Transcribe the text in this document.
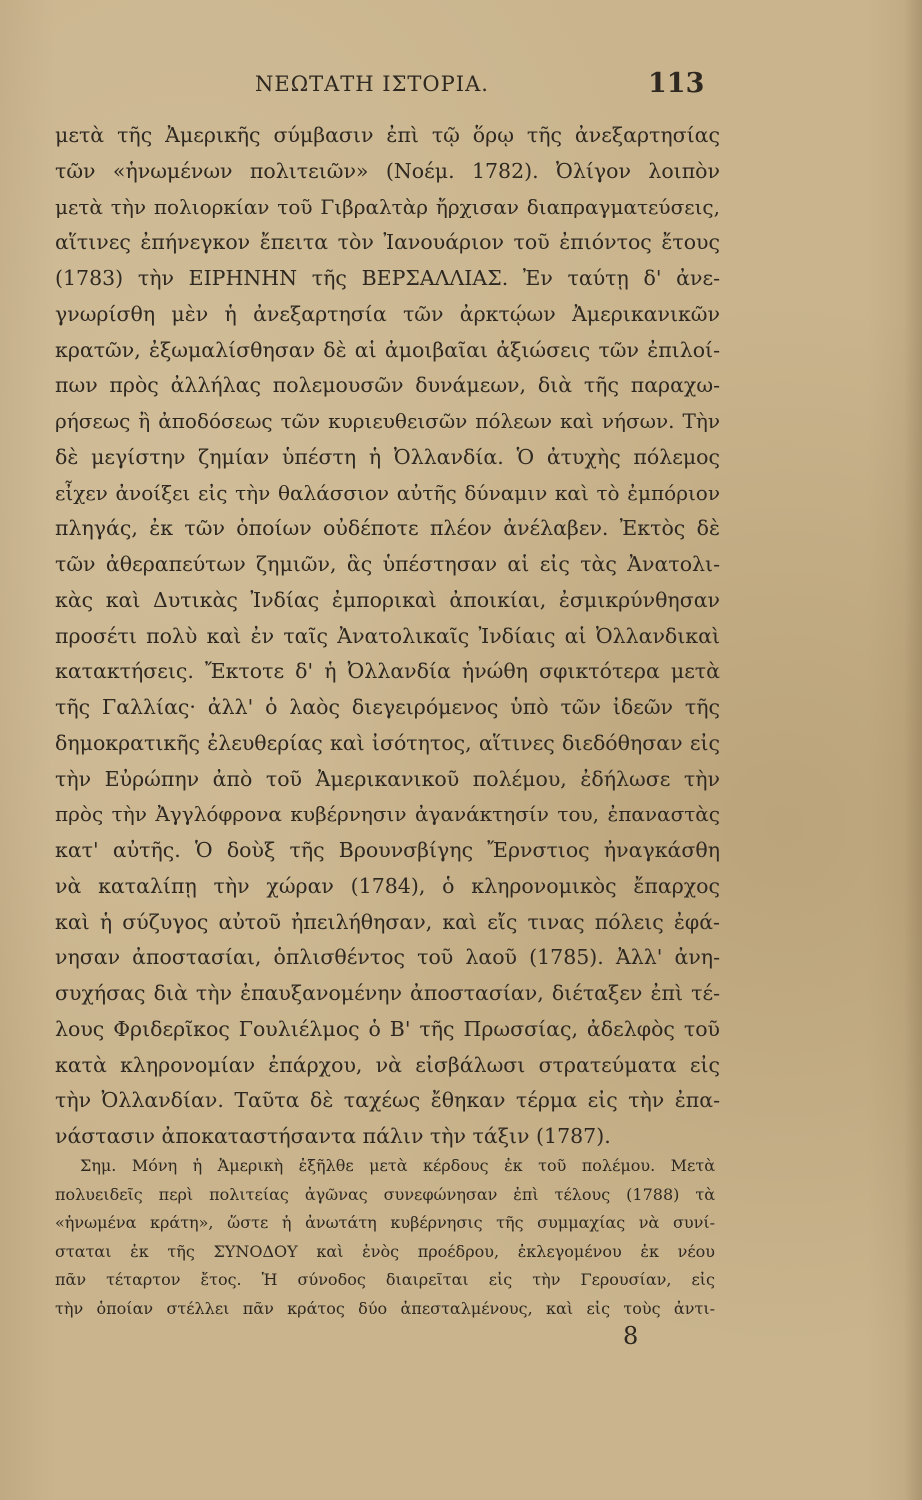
ΝΕΩΤΑΤΗ ΙΣΤΟΡΙΑ.	113
μετὰ τῆς Ἀμερικῆς σύμβασιν ἐπὶ τῷ ὅρῳ τῆς ἀνεξαρτησίας
τῶν «ἡνωμένων πολιτειῶν» (Νοέμ. 1782). Ὀλίγον λοιπὸν
μετὰ τὴν πολιορκίαν τοῦ Γιβραλτὰρ ἤρχισαν διαπραγματεύσεις,
αἵτινες ἐπήνεγκον ἔπειτα τὸν Ἰανουάριον τοῦ ἐπιόντος ἔτους
(1783) τὴν ΕΙΡΗΝΗΝ τῆς ΒΕΡΣΑΛΛΙΑΣ. Ἐν ταύτῃ δ' ἀνε-
γνωρίσθη μὲν ἡ ἀνεξαρτησία τῶν ἀρκτῴων Ἀμερικανικῶν
κρατῶν, ἐξωμαλίσθησαν δὲ αἱ ἀμοιβαῖαι ἀξιώσεις τῶν ἐπιλοί-
πων πρὸς ἀλλήλας πολεμουσῶν δυνάμεων, διὰ τῆς παραχω-
ρήσεως ἢ ἀποδόσεως τῶν κυριευθεισῶν πόλεων καὶ νήσων. Τὴν
δὲ μεγίστην ζημίαν ὑπέστη ἡ Ὀλλανδία. Ὁ ἀτυχὴς πόλεμος
εἶχεν ἀνοίξει εἰς τὴν θαλάσσιον αὐτῆς δύναμιν καὶ τὸ ἐμπόριον
πληγάς, ἐκ τῶν ὁποίων οὐδέποτε πλέον ἀνέλαβεν. Ἐκτὸς δὲ
τῶν ἀθεραπεύτων ζημιῶν, ἃς ὑπέστησαν αἱ εἰς τὰς Ἀνατολι-
κὰς καὶ Δυτικὰς Ἰνδίας ἐμπορικαὶ ἀποικίαι, ἐσμικρύνθησαν
προσέτι πολὺ καὶ ἐν ταῖς Ἀνατολικαῖς Ἰνδίαις αἱ Ὀλλανδικαὶ
κατακτήσεις. Ἔκτοτε δ' ἡ Ὀλλανδία ἡνώθη σφικτότερα μετὰ
τῆς Γαλλίας· ἀλλ' ὁ λαὸς διεγειρόμενος ὑπὸ τῶν ἰδεῶν τῆς
δημοκρατικῆς ἐλευθερίας καὶ ἰσότητος, αἵτινες διεδόθησαν εἰς
τὴν Εὐρώπην ἀπὸ τοῦ Ἀμερικανικοῦ πολέμου, ἐδήλωσε τὴν
πρὸς τὴν Ἀγγλόφρονα κυβέρνησιν ἀγανάκτησίν του, ἐπαναστὰς
κατ' αὐτῆς. Ὁ δοὺξ τῆς Βρουνσβίγης Ἔρνστιος ἠναγκάσθη
νὰ καταλίπῃ τὴν χώραν (1784), ὁ κληρονομικὸς ἔπαρχος
καὶ ἡ σύζυγος αὐτοῦ ἠπειλήθησαν, καὶ εἴς τινας πόλεις ἐφά-
νησαν ἀποστασίαι, ὁπλισθέντος τοῦ λαοῦ (1785). Ἀλλ' ἀνη-
συχήσας διὰ τὴν ἐπαυξανομένην ἀποστασίαν, διέταξεν ἐπὶ τέ-
λους Φριδερῖκος Γουλιέλμος ὁ Β' τῆς Πρωσσίας, ἀδελφὸς τοῦ
κατὰ κληρονομίαν ἐπάρχου, νὰ εἰσβάλωσι στρατεύματα εἰς
τὴν Ὀλλανδίαν. Ταῦτα δὲ ταχέως ἔθηκαν τέρμα εἰς τὴν ἐπα-
νάστασιν ἀποκαταστήσαντα πάλιν τὴν τάξιν (1787).
Σημ. Μόνη ἡ Ἀμερικὴ ἐξῆλθε μετὰ κέρδους ἐκ τοῦ πολέμου. Μετὰ
πολυειδεῖς περὶ πολιτείας ἀγῶνας συνεφώνησαν ἐπὶ τέλους (1788) τὰ
«ἡνωμένα κράτη», ὥστε ἡ ἀνωτάτη κυβέρνησις τῆς συμμαχίας νὰ συνί-
σταται ἐκ τῆς ΣΥΝΟΔΟΥ καὶ ἑνὸς προέδρου, ἐκλεγομένου ἐκ νέου
πᾶν τέταρτον ἔτος. Ἡ σύνοδος διαιρεῖται εἰς τὴν Γερουσίαν, εἰς
τὴν ὁποίαν στέλλει πᾶν κράτος δύο ἀπεσταλμένους, καὶ εἰς τοὺς ἀντι-
8
